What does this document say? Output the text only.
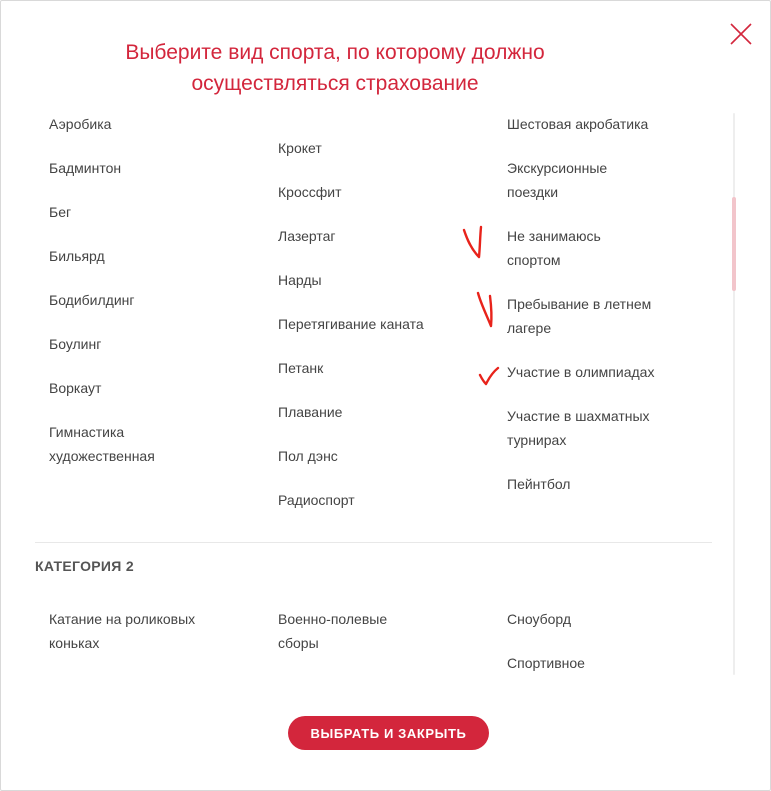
Выберите вид спорта, по которому должно осуществляться страхование
Аэробика
Бадминтон
Бег
Бильярд
Бодибилдинг
Боулинг
Воркаут
Гимнастика художественная
Крокет
Кроссфит
Лазертаг
Нарды
Перетягивание каната
Петанк
Плавание
Пол дэнс
Радиоспорт
Шестовая акробатика
Экскурсионные поездки
Не занимаюсь спортом
Пребывание в летнем лагере
Участие в олимпиадах
Участие в шахматных турнирах
Пейнтбол
КАТЕГОРИЯ 2
Катание на роликовых коньках
Военно-полевые сборы
Сноуборд
Спортивное
ВЫБРАТЬ И ЗАКРЫТЬ
